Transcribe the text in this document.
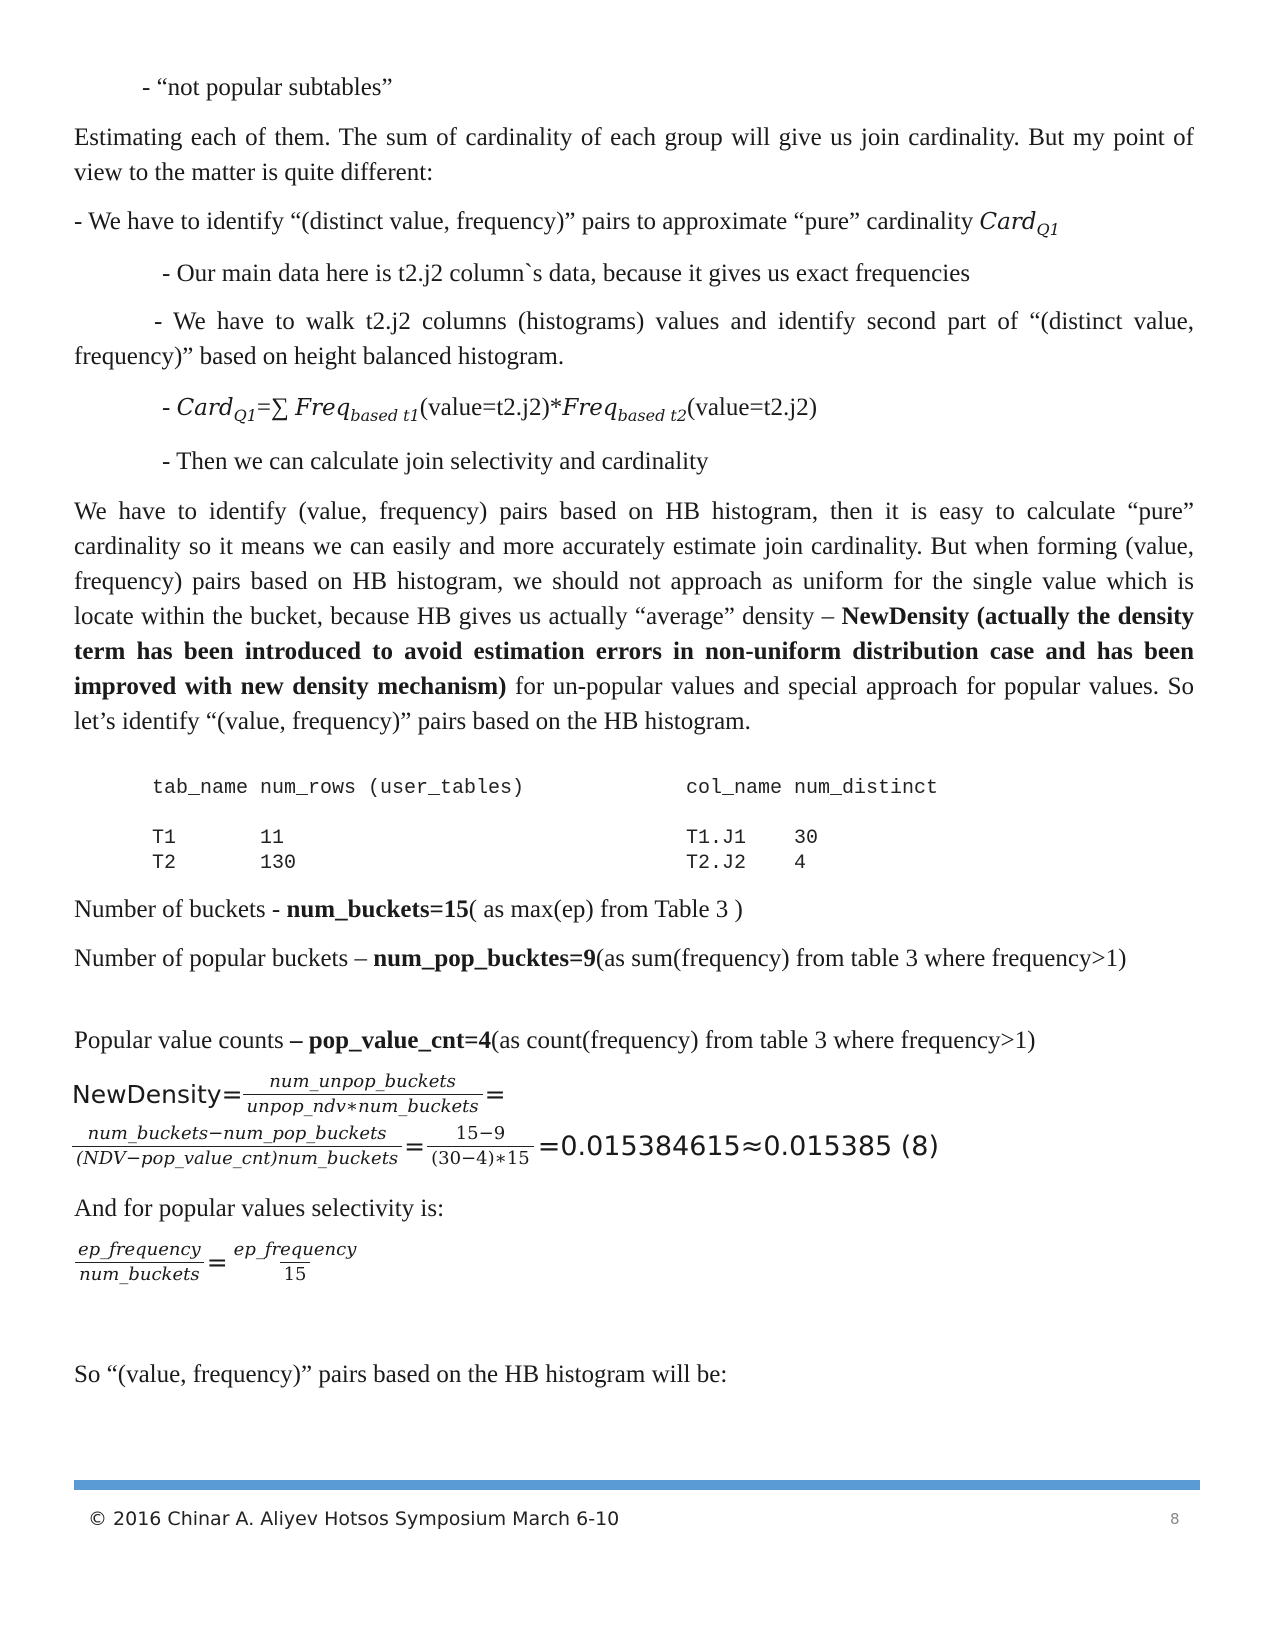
- “not popular subtables”
Estimating each of them. The sum of cardinality of each group will give us join cardinality. But my point of view to the matter is quite different:
- We have to identify “(distinct value, frequency)” pairs to approximate “pure” cardinality Card$_{Q1}$
- Our main data here is t2.j2 column`s data, because it gives us exact frequencies
- We have to walk t2.j2 columns (histograms) values and identify second part of “(distinct value, frequency)” based on height balanced histogram.
- Card$_{Q1}$=∑ Freq$_{based t1}$(value=t2.j2)*Freq$_{based t2}$(value=t2.j2)
- Then we can calculate join selectivity and cardinality
We have to identify (value, frequency) pairs based on HB histogram, then it is easy to calculate “pure” cardinality so it means we can easily and more accurately estimate join cardinality. But when forming (value, frequency) pairs based on HB histogram, we should not approach as uniform for the single value which is locate within the bucket, because HB gives us actually “average” density – NewDensity (actually the density term has been introduced to avoid estimation errors in non-uniform distribution case and has been improved with new density mechanism) for un-popular values and special approach for popular values. So let’s identify “(value, frequency)” pairs based on the HB histogram.
tab_name num_rows (user_tables)
T1       11
T2       130
col_name num_distinct
T1.J1    30
T2.J2    4
Number of buckets - num_buckets=15( as max(ep) from Table 3 )
Number of popular buckets – num_pop_bucktes=9(as sum(frequency) from table 3 where frequency>1)
Popular value counts – pop_value_cnt=4(as count(frequency) from table 3 where frequency>1)
NewDensity= $\frac{\text{num\_unpop\_buckets}}{\text{unpop\_ndv∗num\_buckets}}$ =
$\frac{\text{num\_buckets−num\_pop\_buckets}}{\text{(NDV−pop\_value\_cnt)num\_buckets}} = \frac{15-9}{(30-4)∗15} =0.015384615\approx 0.015385$ (8)
And for popular values selectivity is:
$\frac{\text{ep\_frequency}}{\text{num\_buckets}} = \frac{\text{ep\_frequency}}{15}$
So “(value, frequency)” pairs based on the HB histogram will be:
© 2016 Chinar A. Aliyev Hotsos Symposium March 6-10	8
